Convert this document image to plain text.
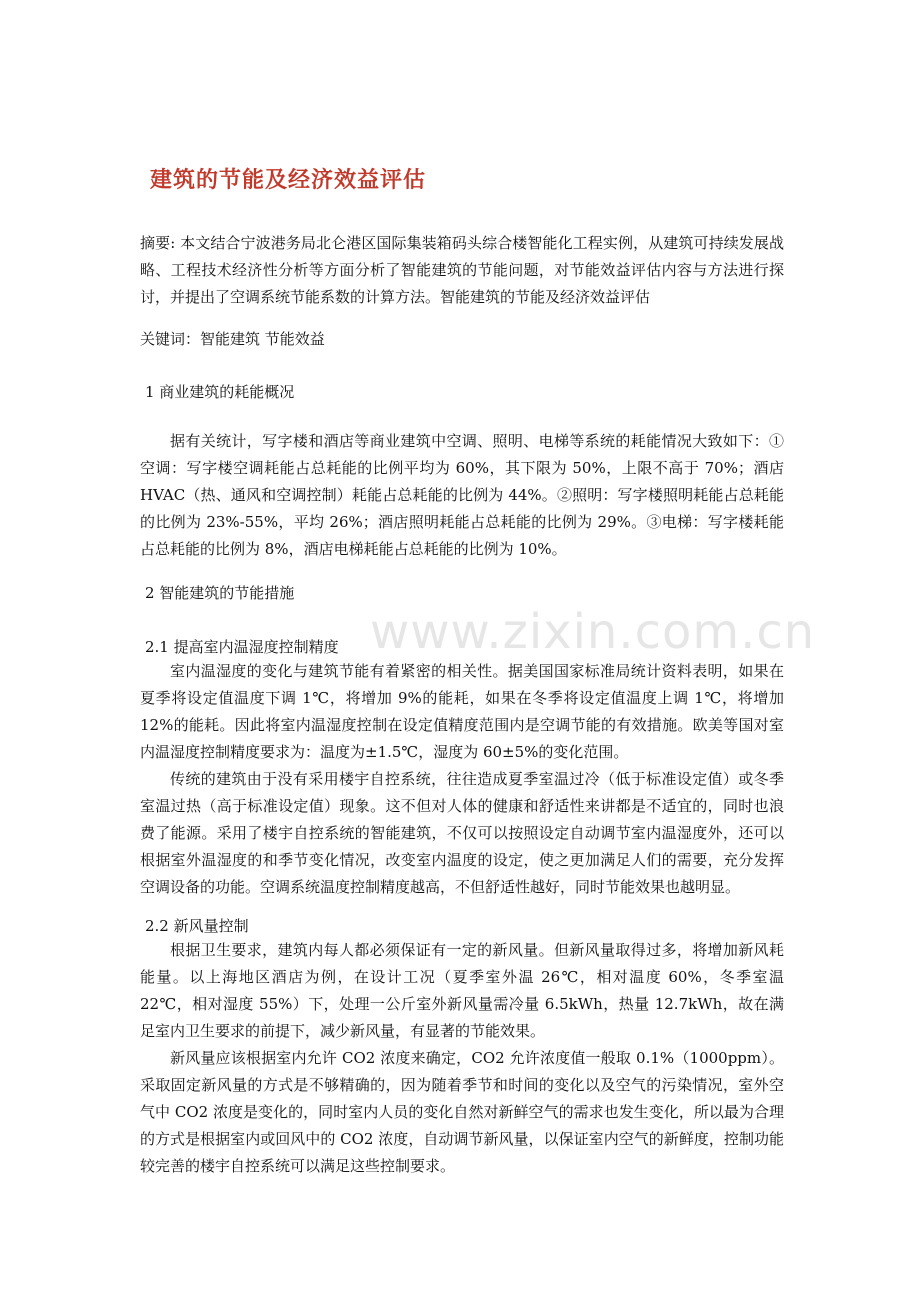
www.zixin.com.cn
建筑的节能及经济效益评估

摘要: 本文结合宁波港务局北仑港区国际集装箱码头综合楼智能化工程实例，从建筑可持续发展战略、工程技术经济性分析等方面分析了智能建筑的节能问题，对节能效益评估内容与方法进行探讨，并提出了空调系统节能系数的计算方法。智能建筑的节能及经济效益评估

关键词：智能建筑 节能效益

1 商业建筑的耗能概况

据有关统计，写字楼和酒店等商业建筑中空调、照明、电梯等系统的耗能情况大致如下：①空调：写字楼空调耗能占总耗能的比例平均为 60%，其下限为 50%，上限不高于 70%；酒店 HVAC（热、通风和空调控制）耗能占总耗能的比例为 44%。②照明：写字楼照明耗能占总耗能的比例为 23%-55%，平均 26%；酒店照明耗能占总耗能的比例为 29%。③电梯：写字楼耗能占总耗能的比例为 8%，酒店电梯耗能占总耗能的比例为 10%。

2 智能建筑的节能措施

2.1 提高室内温湿度控制精度

室内温湿度的变化与建筑节能有着紧密的相关性。据美国国家标准局统计资料表明，如果在夏季将设定值温度下调 1℃，将增加 9%的能耗，如果在冬季将设定值温度上调 1℃，将增加 12%的能耗。因此将室内温湿度控制在设定值精度范围内是空调节能的有效措施。欧美等国对室内温湿度控制精度要求为：温度为±1.5℃，湿度为 60±5%的变化范围。

传统的建筑由于没有采用楼宇自控系统，往往造成夏季室温过冷（低于标准设定值）或冬季室温过热（高于标准设定值）现象。这不但对人体的健康和舒适性来讲都是不适宜的，同时也浪费了能源。采用了楼宇自控系统的智能建筑，不仅可以按照设定自动调节室内温湿度外，还可以根据室外温湿度的和季节变化情况，改变室内温度的设定，使之更加满足人们的需要，充分发挥空调设备的功能。空调系统温度控制精度越高，不但舒适性越好，同时节能效果也越明显。

2.2 新风量控制

根据卫生要求，建筑内每人都必须保证有一定的新风量。但新风量取得过多，将增加新风耗能量。以上海地区酒店为例，在设计工况（夏季室外温 26℃，相对温度 60%，冬季室温 22℃，相对湿度 55%）下，处理一公斤室外新风量需冷量 6.5kWh，热量 12.7kWh，故在满足室内卫生要求的前提下，减少新风量，有显著的节能效果。

新风量应该根据室内允许 CO2 浓度来确定，CO2 允许浓度值一般取 0.1%（1000ppm）。采取固定新风量的方式是不够精确的，因为随着季节和时间的变化以及空气的污染情况，室外空气中 CO2 浓度是变化的，同时室内人员的变化自然对新鲜空气的需求也发生变化，所以最为合理的方式是根据室内或回风中的 CO2 浓度，自动调节新风量，以保证室内空气的新鲜度，控制功能较完善的楼宇自控系统可以满足这些控制要求。
